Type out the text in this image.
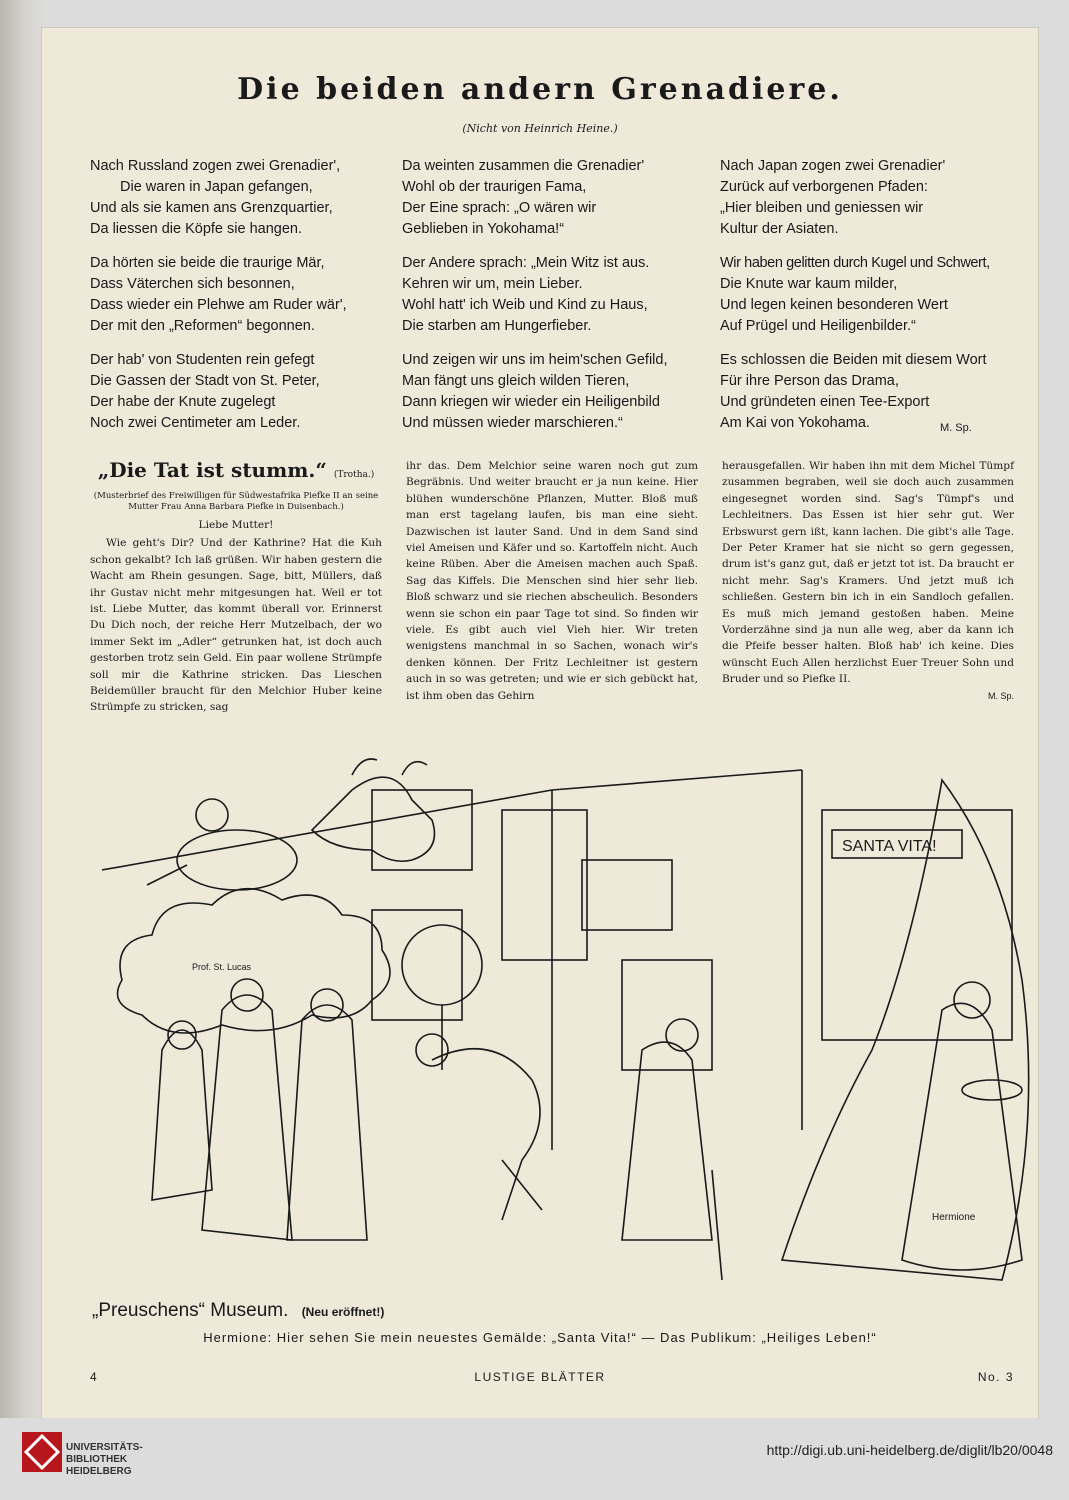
Die beiden andern Grenadiere.
(Nicht von Heinrich Heine.)
Nach Russland zogen zwei Grenadier',
Die waren in Japan gefangen,
Und als sie kamen ans Grenzquartier,
Da liessen die Köpfe sie hangen.
Da hörten sie beide die traurige Mär,
Dass Väterchen sich besonnen,
Dass wieder ein Plehwe am Ruder wär',
Der mit den „Reformen“ begonnen.
Der hab' von Studenten rein gefegt
Die Gassen der Stadt von St. Peter,
Der habe der Knute zugelegt
Noch zwei Centimeter am Leder.
Da weinten zusammen die Grenadier'
Wohl ob der traurigen Fama,
Der Eine sprach: „O wären wir
Geblieben in Yokohama!“
Der Andere sprach: „Mein Witz ist aus.
Kehren wir um, mein Lieber.
Wohl hatt' ich Weib und Kind zu Haus,
Die starben am Hungerfieber.
Und zeigen wir uns im heim'schen Gefild,
Man fängt uns gleich wilden Tieren,
Dann kriegen wir wieder ein Heiligenbild
Und müssen wieder marschieren.“
Nach Japan zogen zwei Grenadier'
Zurück auf verborgenen Pfaden:
„Hier bleiben und geniessen wir
Kultur der Asiaten.
Wir haben gelitten durch Kugel und Schwert,
Die Knute war kaum milder,
Und legen keinen besonderen Wert
Auf Prügel und Heiligenbilder.“
Es schlossen die Beiden mit diesem Wort
Für ihre Person das Drama,
Und gründeten einen Tee-Export
Am Kai von Yokohama.	M. Sp.
„Die Tat ist stumm.“ (Trotha.)
(Musterbrief des Freiwilligen für Südwestafrika Piefke II an seine Mutter Frau Anna Barbara Piefke in Duisenbach.)
Liebe Mutter!
Wie geht's Dir? Und der Kathrine? Hat die Kuh schon gekalbt? Ich laß grüßen. Wir haben gestern die Wacht am Rhein gesungen. Sage, bitt, Müllers, daß ihr Gustav nicht mehr mitgesungen hat. Weil er tot ist. Liebe Mutter, das kommt überall vor. Erinnerst Du Dich noch, der reiche Herr Mutzelbach, der wo immer Sekt im „Adler“ getrunken hat, ist doch auch gestorben trotz sein Geld. Ein paar wollene Strümpfe soll mir die Kathrine stricken. Das Lieschen Beidemüller braucht für den Melchior Huber keine Strümpfe zu stricken, sag
ihr das. Dem Melchior seine waren noch gut zum Begräbnis. Und weiter braucht er ja nun keine. Hier blühen wunderschöne Pflanzen, Mutter. Bloß muß man erst tagelang laufen, bis man eine sieht. Dazwischen ist lauter Sand. Und in dem Sand sind viel Ameisen und Käfer und so. Kartoffeln nicht. Auch keine Rüben. Aber die Ameisen machen auch Spaß. Sag das Kiffels. Die Menschen sind hier sehr lieb. Bloß schwarz und sie riechen abscheulich. Besonders wenn sie schon ein paar Tage tot sind. So finden wir viele. Es gibt auch viel Vieh hier. Wir treten wenigstens manchmal in so Sachen, wonach wir's denken können. Der Fritz Lechleitner ist gestern auch in so was getreten; und wie er sich gebückt hat, ist ihm oben das Gehirn
herausgefallen. Wir haben ihn mit dem Michel Tümpf zusammen begraben, weil sie doch auch zusammen eingesegnet worden sind. Sag's Tümpf's und Lechleitners. Das Essen ist hier sehr gut. Wer Erbswurst gern ißt, kann lachen. Die gibt's alle Tage. Der Peter Kramer hat sie nicht so gern gegessen, drum ist's ganz gut, daß er jetzt tot ist. Da braucht er nicht mehr. Sag's Kramers. Und jetzt muß ich schließen. Gestern bin ich in ein Sandloch gefallen. Es muß mich jemand gestoßen haben. Meine Vorderzähne sind ja nun alle weg, aber da kann ich die Pfeife besser halten. Bloß hab' ich keine. Dies wünscht Euch Allen herzlichst Euer Treuer Sohn und Bruder und so Piefke II.
M. Sp.
SANTA VITA!
Hermione
Prof. St. Lucas
„Preuschens“ Museum. (Neu eröffnet!)
Hermione: Hier sehen Sie mein neuestes Gemälde: „Santa Vita!“ — Das Publikum: „Heiliges Leben!“
4	LUSTIGE BLÄTTER	No. 3
UNIVERSITÄTS-
BIBLIOTHEK
HEIDELBERG
http://digi.ub.uni-heidelberg.de/diglit/lb20/0048
